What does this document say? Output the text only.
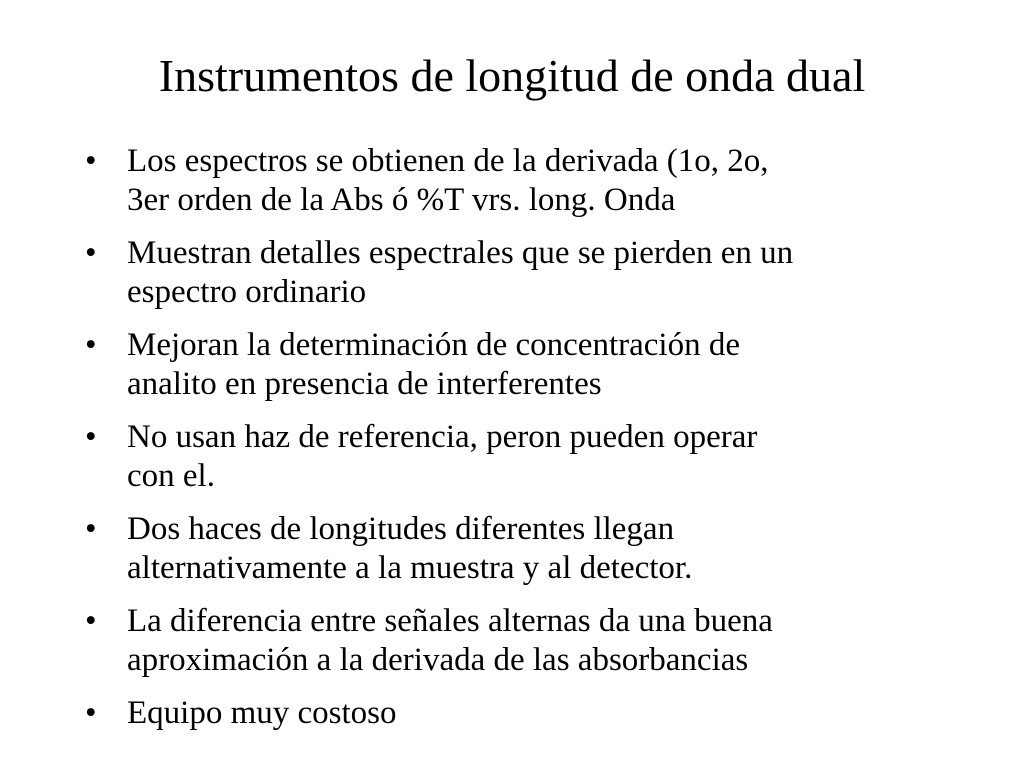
Instrumentos de longitud de onda dual
• Los espectros se obtienen de la derivada (1o, 2o,
3er orden de la Abs ó %T vrs. long. Onda
• Muestran detalles espectrales que se pierden en un
espectro ordinario
• Mejoran la determinación de concentración de
analito en presencia de interferentes
• No usan haz de referencia, peron pueden operar
con el.
• Dos haces de longitudes diferentes llegan
alternativamente a la muestra y al detector.
• La diferencia entre señales alternas da una buena
aproximación a la derivada de las absorbancias
• Equipo muy costoso
